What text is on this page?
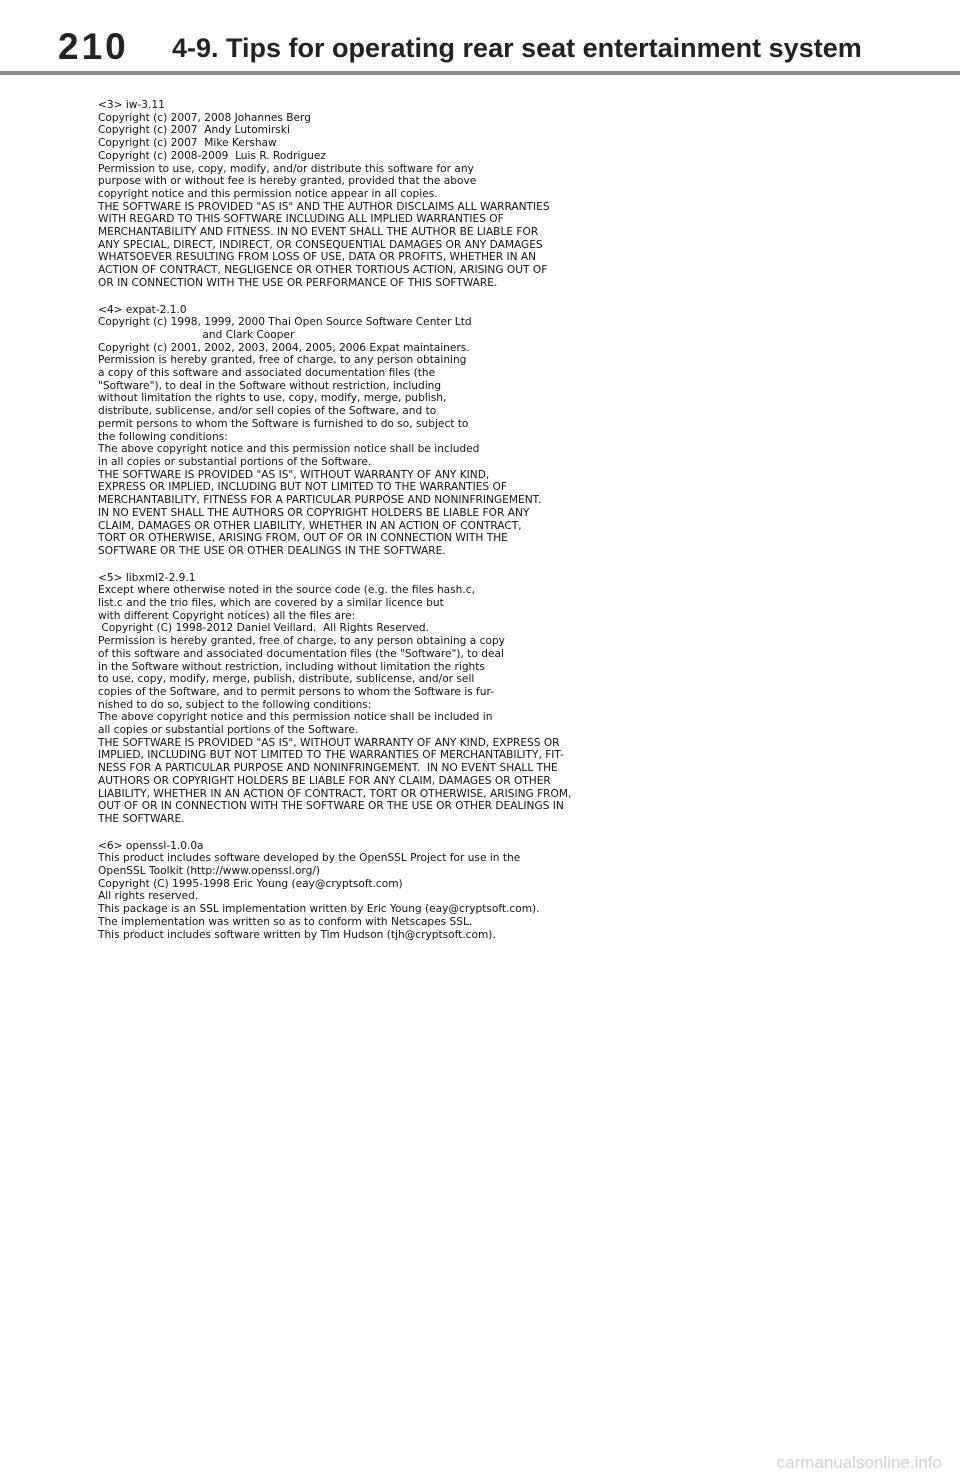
210 4-9. Tips for operating rear seat entertainment system
<3> iw-3.11
Copyright (c) 2007, 2008 Johannes Berg
Copyright (c) 2007  Andy Lutomirski
Copyright (c) 2007  Mike Kershaw
Copyright (c) 2008-2009  Luis R. Rodriguez
Permission to use, copy, modify, and/or distribute this software for any
purpose with or without fee is hereby granted, provided that the above
copyright notice and this permission notice appear in all copies.
THE SOFTWARE IS PROVIDED "AS IS" AND THE AUTHOR DISCLAIMS ALL WARRANTIES
WITH REGARD TO THIS SOFTWARE INCLUDING ALL IMPLIED WARRANTIES OF
MERCHANTABILITY AND FITNESS. IN NO EVENT SHALL THE AUTHOR BE LIABLE FOR
ANY SPECIAL, DIRECT, INDIRECT, OR CONSEQUENTIAL DAMAGES OR ANY DAMAGES
WHATSOEVER RESULTING FROM LOSS OF USE, DATA OR PROFITS, WHETHER IN AN
ACTION OF CONTRACT, NEGLIGENCE OR OTHER TORTIOUS ACTION, ARISING OUT OF
OR IN CONNECTION WITH THE USE OR PERFORMANCE OF THIS SOFTWARE.
<4> expat-2.1.0
Copyright (c) 1998, 1999, 2000 Thai Open Source Software Center Ltd
and Clark Cooper
Copyright (c) 2001, 2002, 2003, 2004, 2005, 2006 Expat maintainers.
Permission is hereby granted, free of charge, to any person obtaining
a copy of this software and associated documentation files (the
"Software"), to deal in the Software without restriction, including
without limitation the rights to use, copy, modify, merge, publish,
distribute, sublicense, and/or sell copies of the Software, and to
permit persons to whom the Software is furnished to do so, subject to
the following conditions:
The above copyright notice and this permission notice shall be included
in all copies or substantial portions of the Software.
THE SOFTWARE IS PROVIDED "AS IS", WITHOUT WARRANTY OF ANY KIND,
EXPRESS OR IMPLIED, INCLUDING BUT NOT LIMITED TO THE WARRANTIES OF
MERCHANTABILITY, FITNESS FOR A PARTICULAR PURPOSE AND NONINFRINGEMENT.
IN NO EVENT SHALL THE AUTHORS OR COPYRIGHT HOLDERS BE LIABLE FOR ANY
CLAIM, DAMAGES OR OTHER LIABILITY, WHETHER IN AN ACTION OF CONTRACT,
TORT OR OTHERWISE, ARISING FROM, OUT OF OR IN CONNECTION WITH THE
SOFTWARE OR THE USE OR OTHER DEALINGS IN THE SOFTWARE.
<5> libxml2-2.9.1
Except where otherwise noted in the source code (e.g. the files hash.c,
list.c and the trio files, which are covered by a similar licence but
with different Copyright notices) all the files are:
Copyright (C) 1998-2012 Daniel Veillard.  All Rights Reserved.
Permission is hereby granted, free of charge, to any person obtaining a copy
of this software and associated documentation files (the "Software"), to deal
in the Software without restriction, including without limitation the rights
to use, copy, modify, merge, publish, distribute, sublicense, and/or sell
copies of the Software, and to permit persons to whom the Software is fur-
nished to do so, subject to the following conditions:
The above copyright notice and this permission notice shall be included in
all copies or substantial portions of the Software.
THE SOFTWARE IS PROVIDED "AS IS", WITHOUT WARRANTY OF ANY KIND, EXPRESS OR
IMPLIED, INCLUDING BUT NOT LIMITED TO THE WARRANTIES OF MERCHANTABILITY, FIT-
NESS FOR A PARTICULAR PURPOSE AND NONINFRINGEMENT.  IN NO EVENT SHALL THE
AUTHORS OR COPYRIGHT HOLDERS BE LIABLE FOR ANY CLAIM, DAMAGES OR OTHER
LIABILITY, WHETHER IN AN ACTION OF CONTRACT, TORT OR OTHERWISE, ARISING FROM,
OUT OF OR IN CONNECTION WITH THE SOFTWARE OR THE USE OR OTHER DEALINGS IN
THE SOFTWARE.
<6> openssl-1.0.0a
This product includes software developed by the OpenSSL Project for use in the
OpenSSL Toolkit (http://www.openssl.org/)
Copyright (C) 1995-1998 Eric Young (eay@cryptsoft.com)
All rights reserved.
This package is an SSL implementation written by Eric Young (eay@cryptsoft.com).
The implementation was written so as to conform with Netscapes SSL.
This product includes software written by Tim Hudson (tjh@cryptsoft.com).
carmanualsonline.info
